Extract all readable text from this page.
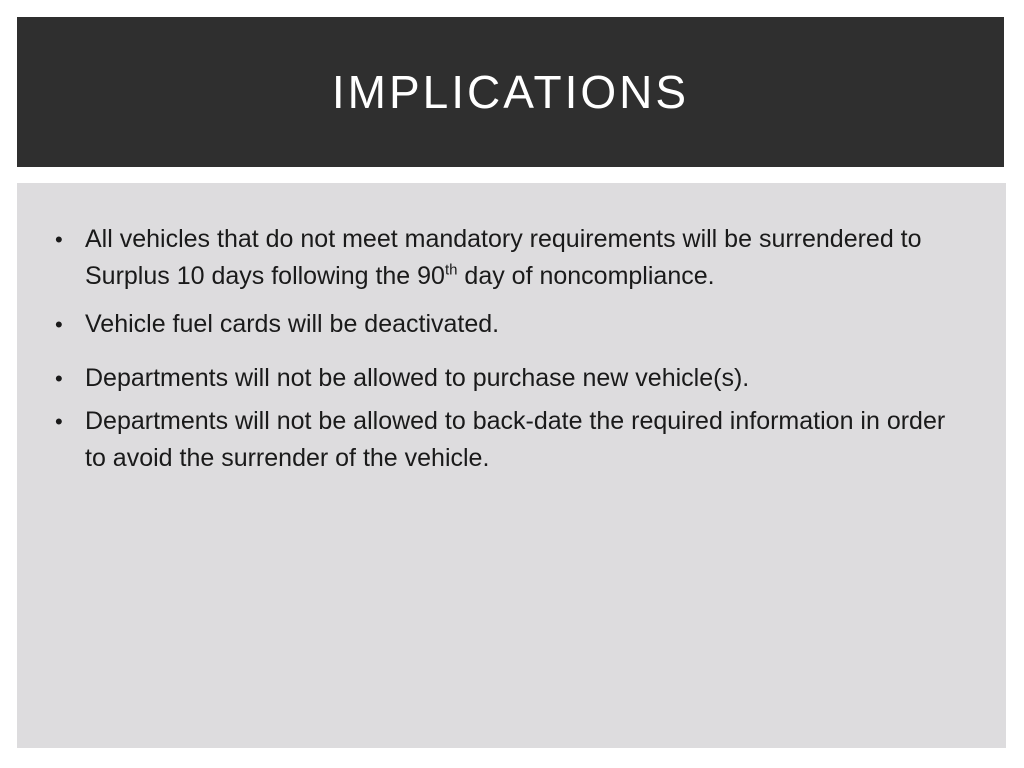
IMPLICATIONS
• All vehicles that do not meet mandatory requirements will be surrendered to Surplus 10 days following the 90th day of noncompliance.
• Vehicle fuel cards will be deactivated.
• Departments will not be allowed to purchase new vehicle(s).
• Departments will not be allowed to back-date the required information in order to avoid the surrender of the vehicle.
